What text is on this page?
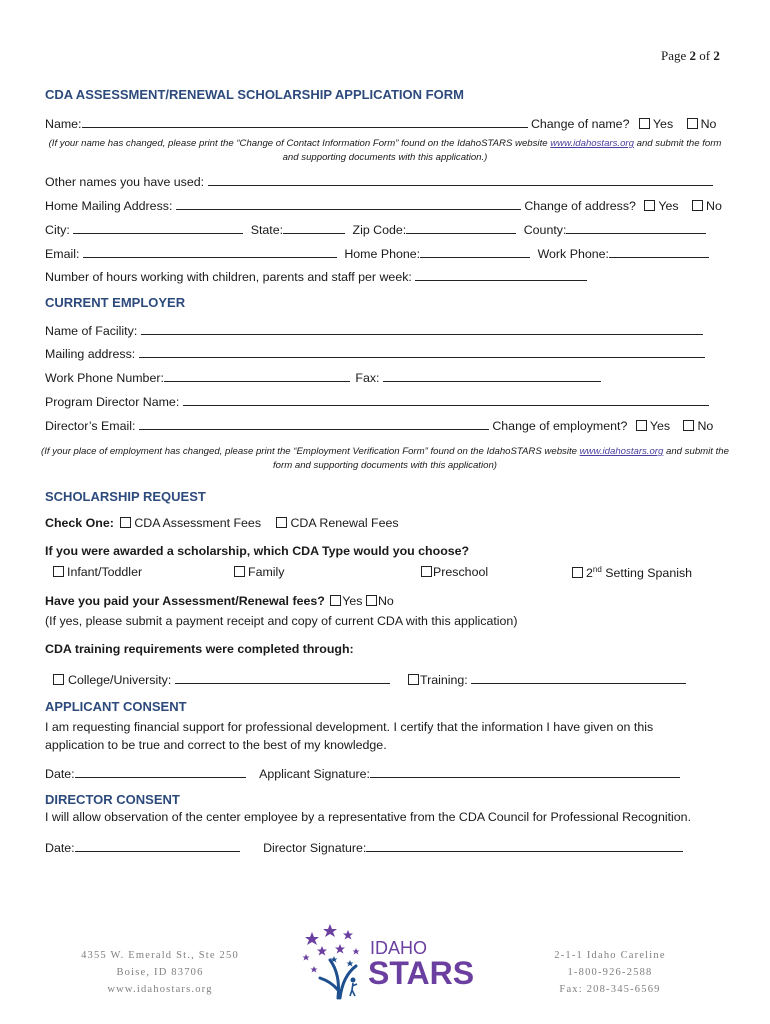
Page 2 of 2
CDA ASSESSMENT/RENEWAL SCHOLARSHIP APPLICATION FORM
Name:	Change of name? Yes No
(If your name has changed, please print the “Change of Contact Information Form” found on the IdahoSTARS website www.idahostars.org and submit the form and supporting documents with this application.)
Other names you have used:
Home Mailing Address:	Change of address? Yes No
City:	State:	Zip Code:	County:
Email:	Home Phone:	Work Phone:
Number of hours working with children, parents and staff per week:
CURRENT EMPLOYER
Name of Facility:
Mailing address:
Work Phone Number:	Fax:
Program Director Name:
Director’s Email:	Change of employment? Yes No
(If your place of employment has changed, please print the “Employment Verification Form” found on the IdahoSTARS website www.idahostars.org and submit the form and supporting documents with this application)
SCHOLARSHIP REQUEST
Check One: CDA Assessment Fees CDA Renewal Fees
If you were awarded a scholarship, which CDA Type would you choose?
Infant/Toddler	Family	Preschool	2nd Setting Spanish
Have you paid your Assessment/Renewal fees? Yes No
(If yes, please submit a payment receipt and copy of current CDA with this application)
CDA training requirements were completed through:
College/University:	Training:
APPLICANT CONSENT
I am requesting financial support for professional development. I certify that the information I have given on this application to be true and correct to the best of my knowledge.
Date:	Applicant Signature:
DIRECTOR CONSENT
I will allow observation of the center employee by a representative from the CDA Council for Professional Recognition.
Date:	Director Signature:
4355 W. Emerald St., Ste 250
Boise, ID 83706
www.idahostars.org
IDAHO
STARS	2-1-1 Idaho Careline
1-800-926-2588
Fax: 208-345-6569
